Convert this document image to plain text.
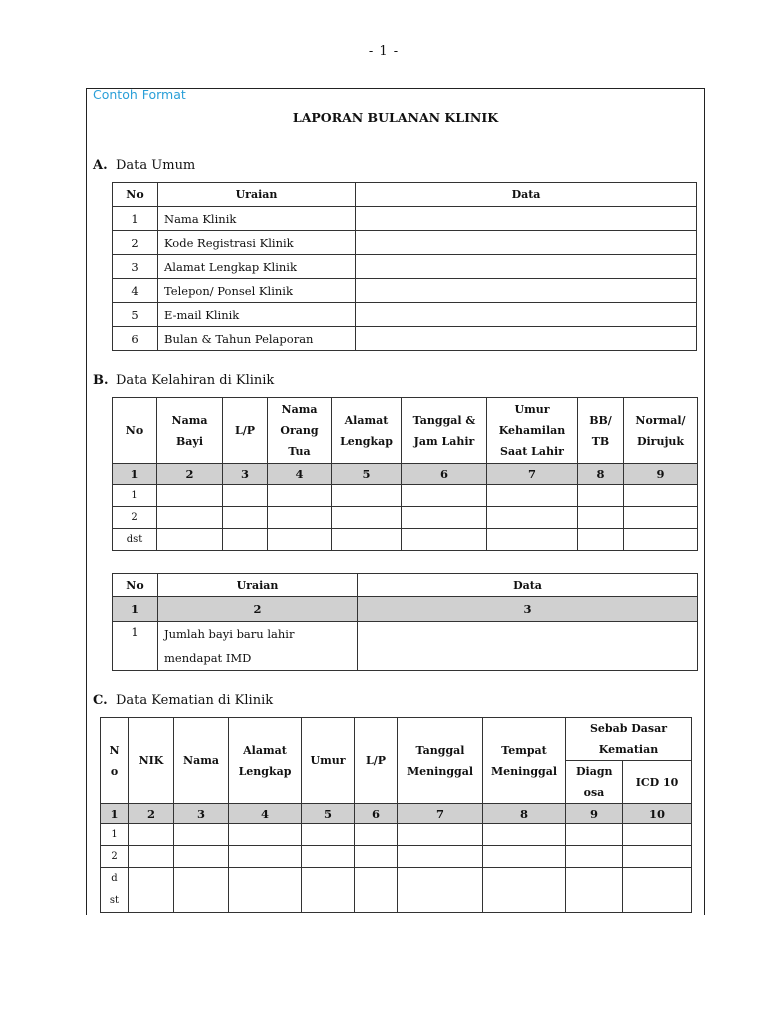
- 1 -
Contoh Format
LAPORAN BULANAN KLINIK
A. Data Umum
No	Uraian	Data
1	Nama Klinik	
2	Kode Registrasi Klinik	
3	Alamat Lengkap Klinik	
4	Telepon/ Ponsel Klinik	
5	E-mail Klinik	
6	Bulan & Tahun Pelaporan	
B. Data Kelahiran di Klinik
No	Nama Bayi	L/P	Nama Orang Tua	Alamat Lengkap	Tanggal & Jam Lahir	Umur Kehamilan Saat Lahir	BB/ TB	Normal/ Dirujuk
1	2	3	4	5	6	7	8	9
1								
2								
dst								
No	Uraian	Data
1	2	3
1	Jumlah bayi baru lahir mendapat IMD	
C. Data Kematian di Klinik
N o	NIK	Nama	Alamat Lengkap	Umur	L/P	Tanggal Meninggal	Tempat Meninggal	Sebab Dasar Kematian	
								Diagn osa	ICD 10
1	2	3	4	5	6	7	8	9	10
1									
2									
d st									
